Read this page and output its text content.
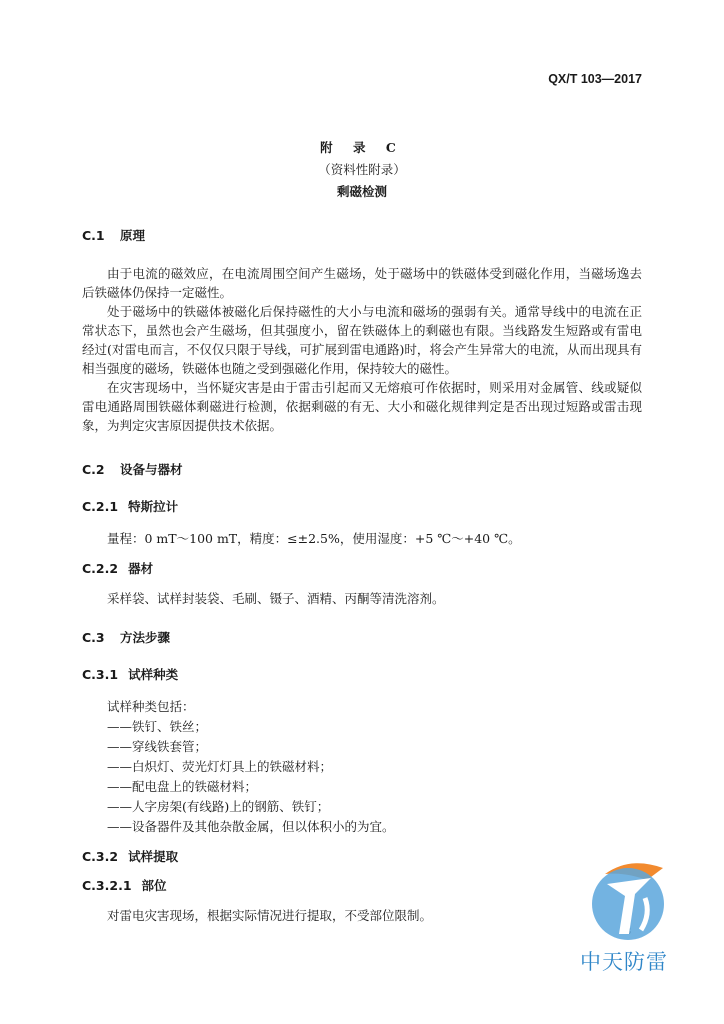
QX/T 103—2017
附 录 C
（资料性附录）
剩磁检测
C.1 原理

由于电流的磁效应，在电流周围空间产生磁场，处于磁场中的铁磁体受到磁化作用，当磁场逸去后铁磁体仍保持一定磁性。

处于磁场中的铁磁体被磁化后保持磁性的大小与电流和磁场的强弱有关。通常导线中的电流在正常状态下，虽然也会产生磁场，但其强度小，留在铁磁体上的剩磁也有限。当线路发生短路或有雷电经过(对雷电而言，不仅仅只限于导线，可扩展到雷电通路)时，将会产生异常大的电流，从而出现具有相当强度的磁场，铁磁体也随之受到强磁化作用，保持较大的磁性。

在灾害现场中，当怀疑灾害是由于雷击引起而又无熔痕可作依据时，则采用对金属管、线或疑似雷电通路周围铁磁体剩磁进行检测，依据剩磁的有无、大小和磁化规律判定是否出现过短路或雷击现象，为判定灾害原因提供技术依据。

C.2 设备与器材
C.2.1 特斯拉计
量程：0 mT～100 mT，精度：≤±2.5%，使用湿度：+5 ℃～+40 ℃。
C.2.2 器材
采样袋、试样封装袋、毛刷、镊子、酒精、丙酮等清洗溶剂。
C.3 方法步骤
C.3.1 试样种类
试样种类包括：
——铁钉、铁丝；
——穿线铁套管；
——白炽灯、荧光灯灯具上的铁磁材料；
——配电盘上的铁磁材料；
——人字房架(有线路)上的钢筋、铁钉；
——设备器件及其他杂散金属，但以体积小的为宜。
C.3.2 试样提取
C.3.2.1 部位
对雷电灾害现场，根据实际情况进行提取，不受部位限制。
中天防雷
